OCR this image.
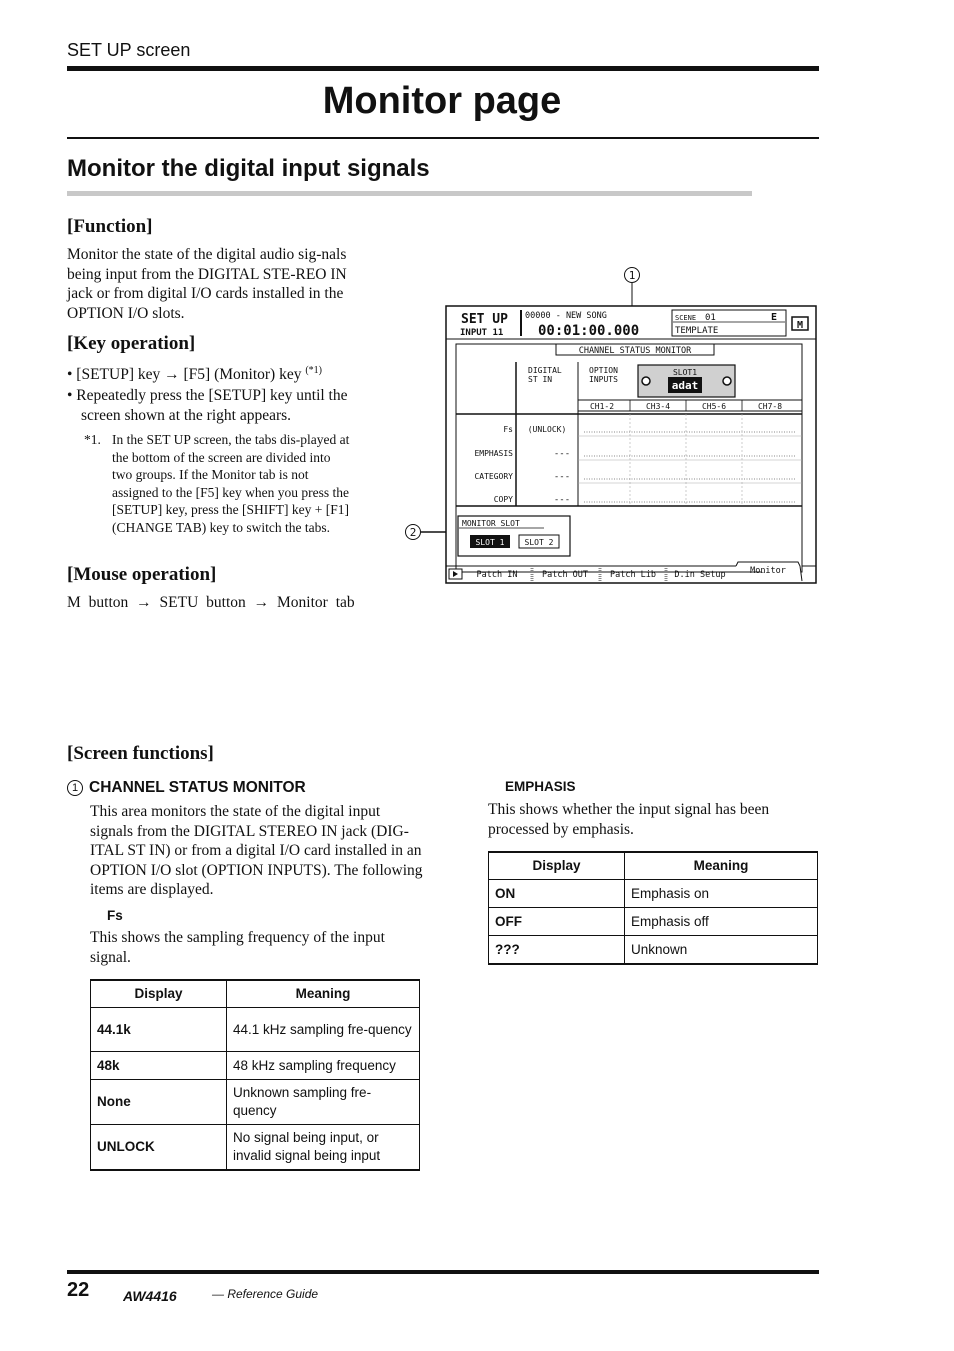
SET UP screen
Monitor page
Monitor the digital input signals
[Function]
Monitor the state of the digital audio sig-nals being input from the DIGITAL STE-REO IN jack or from digital I/O cards installed in the OPTION I/O slots.
[Key operation]
• [SETUP] key → [F5] (Monitor) key $^{(*1)}$
• Repeatedly press the [SETUP] key until the screen shown at the right appears.
*1. In the SET UP screen, the tabs dis-played at the bottom of the screen are divided into two groups. If the Monitor tab is not assigned to the [F5] key when you press the [SETUP] key, press the [SHIFT] key + [F1] (CHANGE TAB) key to switch the tabs.
[Mouse operation]
M button → SETU button → Monitor tab
1
2
SET UP
INPUT 11
00000 - NEW SONG
00:01:00.000
SCENE 01	E
TEMPLATE	M
CHANNEL STATUS MONITOR
DIGITAL
ST IN
OPTION
INPUTS
SLOT1
adat
CH1-2	CH3-4	CH5-6	CH7-8
Fs (UNLOCK)
EMPHASIS	---
CATEGORY	---
COPY	---
MONITOR SLOT
SLOT 1	SLOT 2
Patch IN	Patch OUT	Patch Lib D.in Setup	Monitor
[Screen functions]
1 CHANNEL STATUS MONITOR
This area monitors the state of the digital input signals from the DIGITAL STEREO IN jack (DIG-ITAL ST IN) or from a digital I/O card installed in an OPTION I/O slot (OPTION INPUTS). The following items are displayed.
Fs
This shows the sampling frequency of the input signal.
Display	Meaning
44.1k	44.1 kHz sampling fre-quency
48k	48 kHz sampling frequency
None	Unknown sampling fre-quency
UNLOCK	No signal being input, or invalid signal being input
EMPHASIS
This shows whether the input signal has been processed by emphasis.
Display	Meaning
ON	Emphasis on
OFF	Emphasis off
???	Unknown
22 AW4416	— Reference Guide
